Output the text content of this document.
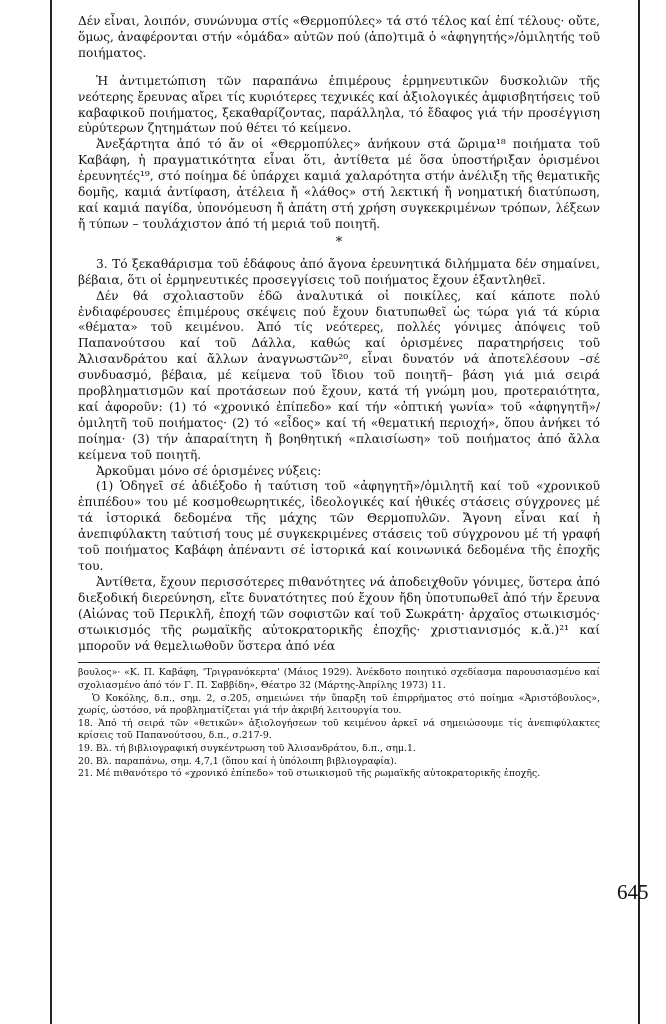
Δέν εἶναι, λοιπόν, συνώνυμα στίς «Θερμοπύλες» τά στό τέλος καί ἐπί τέλους· οὔτε, ὅμως, ἀναφέρονται στήν «ὁμάδα» αὐτῶν πού (ἀπο)τιμᾶ ὁ «ἀφηγητής»/ὁμιλητής τοῦ ποιήματος.

Ἡ ἀντιμετώπιση τῶν παραπάνω ἐπιμέρους ἑρμηνευτικῶν δυσκολιῶν τῆς νεότερης ἔρευνας αἴρει τίς κυριότερες τεχνικές καί ἀξιολογικές ἀμφισβητήσεις τοῦ καβαφικοῦ ποιήματος, ξεκαθαρίζοντας, παράλληλα, τό ἔδαφος γιά τήν προσέγγιση εὐρύτερων ζητημάτων πού θέτει τό κείμενο.

Ἀνεξάρτητα ἀπό τό ἄν οἱ «Θερμοπύλες» ἀνήκουν στά ὥριμα¹⁸ ποιήματα τοῦ Καβάφη, ἡ πραγματικότητα εἶναι ὅτι, ἀντίθετα μέ ὅσα ὑποστήριξαν ὁρισμένοι ἐρευνητές¹⁹, στό ποίημα δέ ὑπάρχει καμιά χαλαρότητα στήν ἀνέλιξη τῆς θεματικῆς δομῆς, καμιά ἀντίφαση, ἀτέλεια ἤ «λάθος» στή λεκτική ἤ νοηματική διατύπωση, καί καμιά παγίδα, ὑπονόμευση ἤ ἀπάτη στή χρήση συγκεκριμένων τρόπων, λέξεων ἤ τύπων – τουλάχιστον ἀπό τή μεριά τοῦ ποιητῆ.

*

3. Τό ξεκαθάρισμα τοῦ ἐδάφους ἀπό ἄγονα ἐρευνητικά διλήμματα δέν σημαίνει, βέβαια, ὅτι οἱ ἑρμηνευτικές προσεγγίσεις τοῦ ποιήματος ἔχουν ἐξαντληθεῖ.

Δέν θά σχολιαστοῦν ἐδῶ ἀναλυτικά οἱ ποικίλες, καί κάποτε πολύ ἐνδιαφέρουσες ἐπιμέρους σκέψεις πού ἔχουν διατυπωθεῖ ὡς τώρα γιά τά κύρια «θέματα» τοῦ κειμένου. Ἀπό τίς νεότερες, πολλές γόνιμες ἀπόψεις τοῦ Παπανούτσου καί τοῦ Δάλλα, καθώς καί ὁρισμένες παρατηρήσεις τοῦ Ἀλισανδράτου καί ἄλλων ἀναγνωστῶν²⁰, εἶναι δυνατόν νά ἀποτελέσουν –σέ συνδυασμό, βέβαια, μέ κείμενα τοῦ ἴδιου τοῦ ποιητῆ– βάση γιά μιά σειρά προβληματισμῶν καί προτάσεων πού ἔχουν, κατά τή γνώμη μου, προτεραιότητα, καί ἀφοροῦν: (1) τό «χρονικό ἐπίπεδο» καί τήν «ὀπτική γωνία» τοῦ «ἀφηγητῆ»/ὁμιλητῆ τοῦ ποιήματος· (2) τό «εἶδος» καί τή «θεματική περιοχή», ὅπου ἀνήκει τό ποίημα· (3) τήν ἀπαραίτητη ἤ βοηθητική «πλαισίωση» τοῦ ποιήματος ἀπό ἄλλα κείμενα τοῦ ποιητῆ.

Ἀρκοῦμαι μόνο σέ ὁρισμένες νύξεις:

(1) Ὁδηγεῖ σέ ἀδιέξοδο ἡ ταύτιση τοῦ «ἀφηγητῆ»/ὁμιλητῆ καί τοῦ «χρονικοῦ ἐπιπέδου» του μέ κοσμοθεωρητικές, ἰδεολογικές καί ἠθικές στάσεις σύγχρονες μέ τά ἱστορικά δεδομένα τῆς μάχης τῶν Θερμοπυλῶν. Ἄγονη εἶναι καί ἡ ἀνεπιφύλακτη ταύτισή τους μέ συγκεκριμένες στάσεις τοῦ σύγχρονου μέ τή γραφή τοῦ ποιήματος Καβάφη ἀπέναντι σέ ἱστορικά καί κοινωνικά δεδομένα τῆς ἐποχῆς του.

Ἀντίθετα, ἔχουν περισσότερες πιθανότητες νά ἀποδειχθοῦν γόνιμες, ὕστερα ἀπό διεξοδική διερεύνηση, εἴτε δυνατότητες πού ἔχουν ἤδη ὑποτυπωθεῖ ἀπό τήν ἔρευνα (Αἰώνας τοῦ Περικλῆ, ἐποχή τῶν σοφιστῶν καί τοῦ Σωκράτη· ἀρχαῖος στωικισμός· στωικισμός τῆς ρωμαϊκῆς αὐτοκρατορικῆς ἐποχῆς· χριστιανισμός κ.ἄ.)²¹ καί μποροῦν νά θεμελιωθοῦν ὕστερα ἀπό νέα

βουλος»· «Κ. Π. Καβάφη, 'Τριγρανόκερτα' (Μάιος 1929). Ἀνέκδοτο ποιητικό σχεδίασμα παρουσιασμένο καί σχολιασμένο ἀπό τόν Γ. Π. Σαββίδη», Θέατρο 32 (Μάρτης-Ἀπρίλης 1973) 11.

Ὁ Κοκόλης, δ.π., σημ. 2, σ.205, σημειώνει τήν ὕπαρξη τοῦ ἐπιρρήματος στό ποίημα «Ἀριστόβουλος», χωρίς, ὡστόσο, νά προβληματίζεται γιά τήν ἀκριβή λειτουργία του.

18. Ἀπό τή σειρά τῶν «θετικῶν» ἀξιολογήσεων τοῦ κειμένου ἀρκεῖ νά σημειώσουμε τίς ἀνεπιφύλακτες κρίσεις τοῦ Παπανούτσου, δ.π., σ.217-9.

19. Βλ. τή βιβλιογραφική συγκέντρωση τοῦ Ἀλισανδράτου, δ.π., σημ.1.

20. Βλ. παραπάνω, σημ. 4,7,1 (ὅπου καί ἡ ὑπόλοιπη βιβλιογραφία).

21. Μέ πιθανότερο τό «χρονικό ἐπίπεδο» τοῦ στωικισμοῦ τῆς ρωμαϊκῆς αὐτοκρατορικῆς ἐποχῆς.

645
